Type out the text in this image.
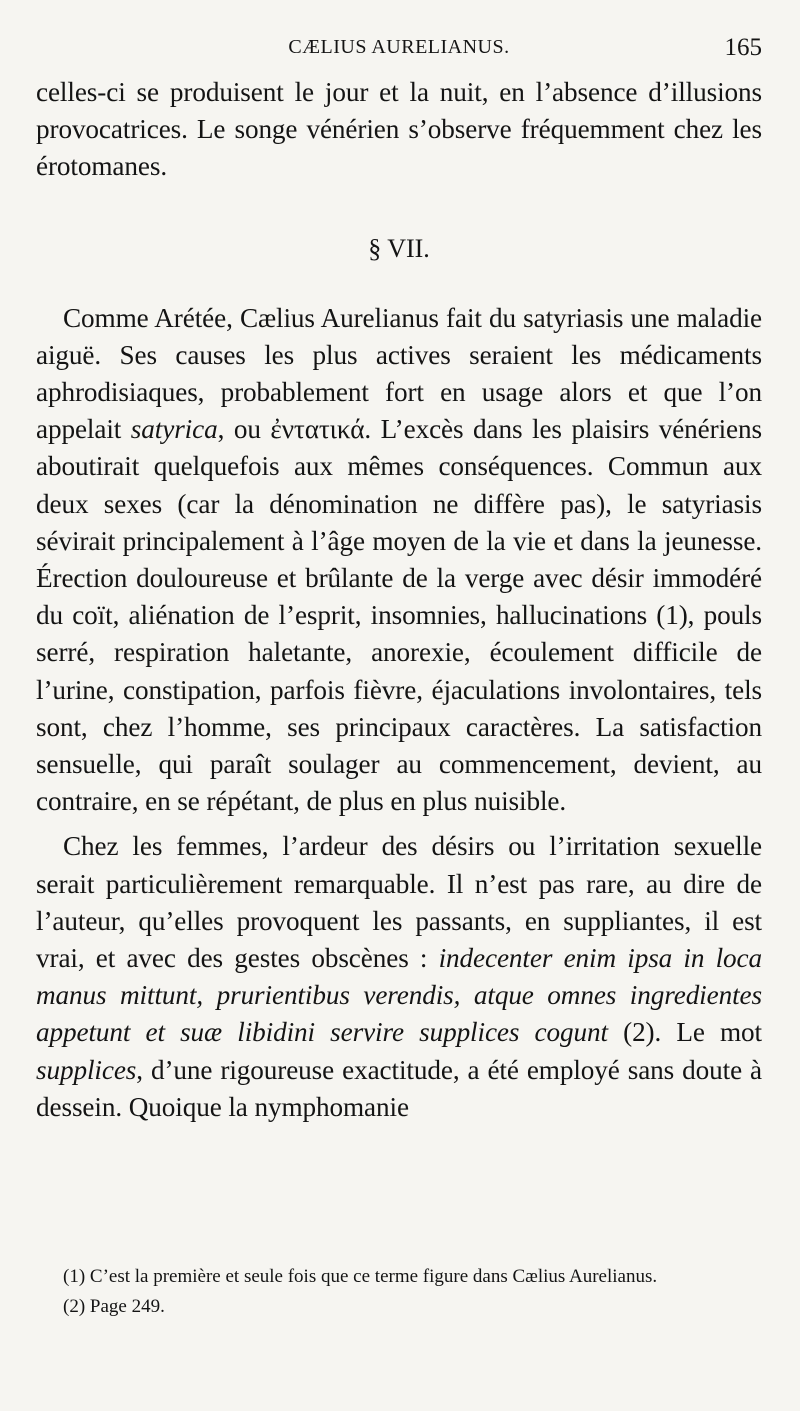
CÆLIUS AURELIANUS.	165

celles-ci se produisent le jour et la nuit, en l’absence d’illusions provocatrices. Le songe vénérien s’observe fréquemment chez les érotomanes.

§ VII.

Comme Arétée, Cælius Aurelianus fait du satyriasis une maladie aiguë. Ses causes les plus actives seraient les médicaments aphrodisiaques, probablement fort en usage alors et que l’on appelait satyrica, ou ἐντατικά. L’excès dans les plaisirs vénériens aboutirait quelquefois aux mêmes conséquences. Commun aux deux sexes (car la dénomination ne diffère pas), le satyriasis sévirait principalement à l’âge moyen de la vie et dans la jeunesse. Érection douloureuse et brûlante de la verge avec désir immodéré du coït, aliénation de l’esprit, insomnies, hallucinations (1), pouls serré, respiration haletante, anorexie, écoulement difficile de l’urine, constipation, parfois fièvre, éjaculations involontaires, tels sont, chez l’homme, ses principaux caractères. La satisfaction sensuelle, qui paraît soulager au commencement, devient, au contraire, en se répétant, de plus en plus nuisible.

Chez les femmes, l’ardeur des désirs ou l’irritation sexuelle serait particulièrement remarquable. Il n’est pas rare, au dire de l’auteur, qu’elles provoquent les passants, en suppliantes, il est vrai, et avec des gestes obscènes : indecenter enim ipsa in loca manus mittunt, prurientibus verendis, atque omnes ingredientes appetunt et suæ libidini servire supplices cogunt (2). Le mot supplices, d’une rigoureuse exactitude, a été employé sans doute à dessein. Quoique la nymphomanie

(1) C’est la première et seule fois que ce terme figure dans Cælius Aurelianus.

(2) Page 249.
